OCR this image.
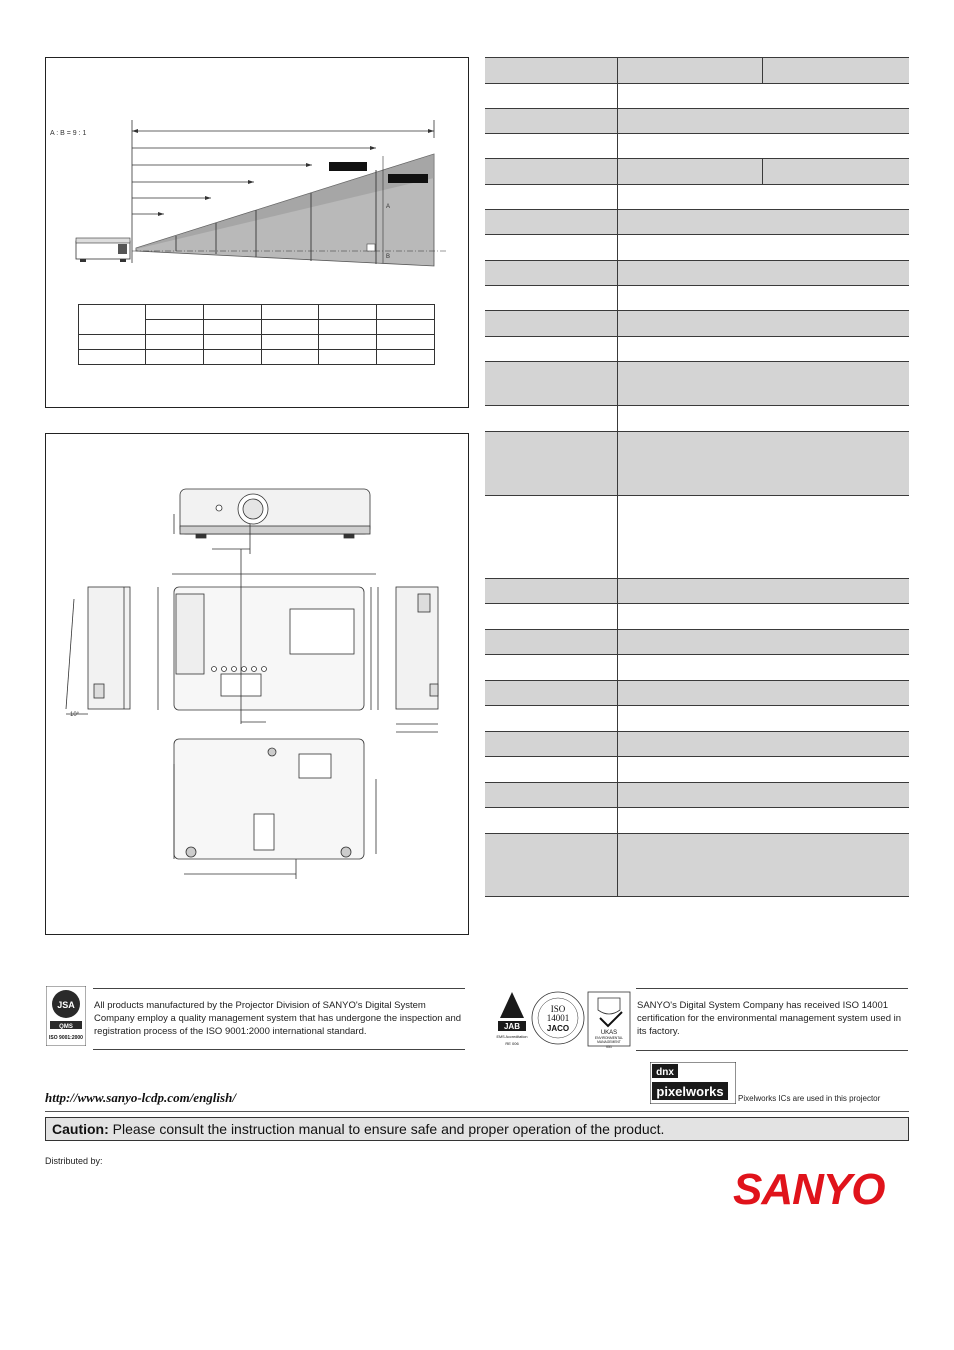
A : B = 9 : 1
A
B

10°

JSA
QMS
ISO 9001:2000
All products manufactured by the Projector Division of SANYO's Digital System Company employ a quality management system that has undergone the inspection and registration process of the ISO 9001:2000 international standard.	JAB
EMS Accreditation
RE 006
ISO
14001
JACO	UKAS
ENVIRONMENTAL
MANAGEMENT
051
SANYO's Digital System Company has received ISO 14001 certification for the environmental management system used in its factory.
dnx
pixelworks Pixelworks ICs are used in this projector
http://www.sanyo-lcdp.com/english/
Caution: Please consult the instruction manual to ensure safe and proper operation of the product.
Distributed by:
SANYO
